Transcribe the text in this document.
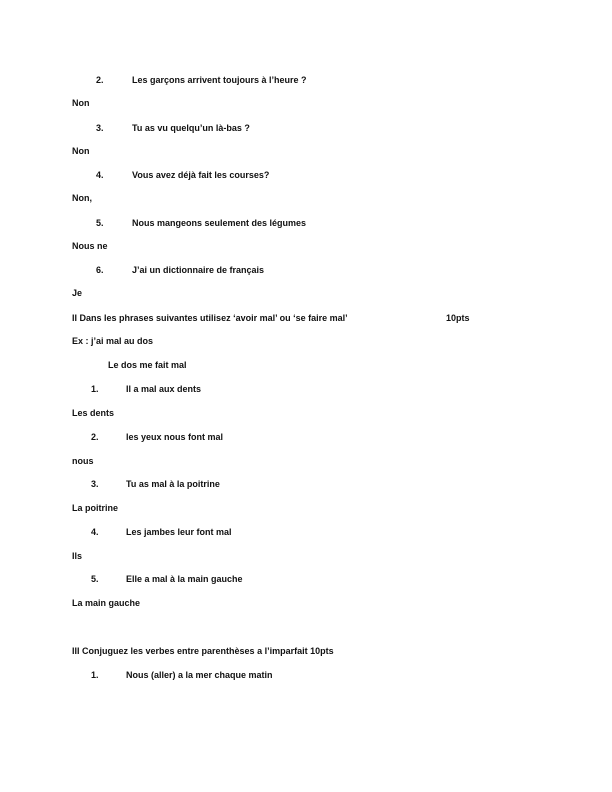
2.	Les garçons arrivent toujours à l’heure ?
Non
3.	Tu as vu quelqu’un là-bas ?
Non
4.	Vous avez déjà fait les courses?
Non,
5.	Nous mangeons seulement des légumes
Nous ne
6.	J’ai un dictionnaire de français
Je
II Dans les phrases suivantes utilisez ‘avoir mal’ ou ‘se faire mal’	10pts
Ex : j’ai mal au dos
Le dos me fait mal
1.	Il a mal aux dents
Les dents
2.	les yeux nous font mal
nous
3.	Tu as mal à la poitrine
La poitrine
4.	Les jambes leur font mal
Ils
5.	Elle a mal à la main gauche
La main gauche
III Conjuguez les verbes entre parenthèses a l’imparfait 10pts
1.	Nous (aller) a la mer chaque matin
